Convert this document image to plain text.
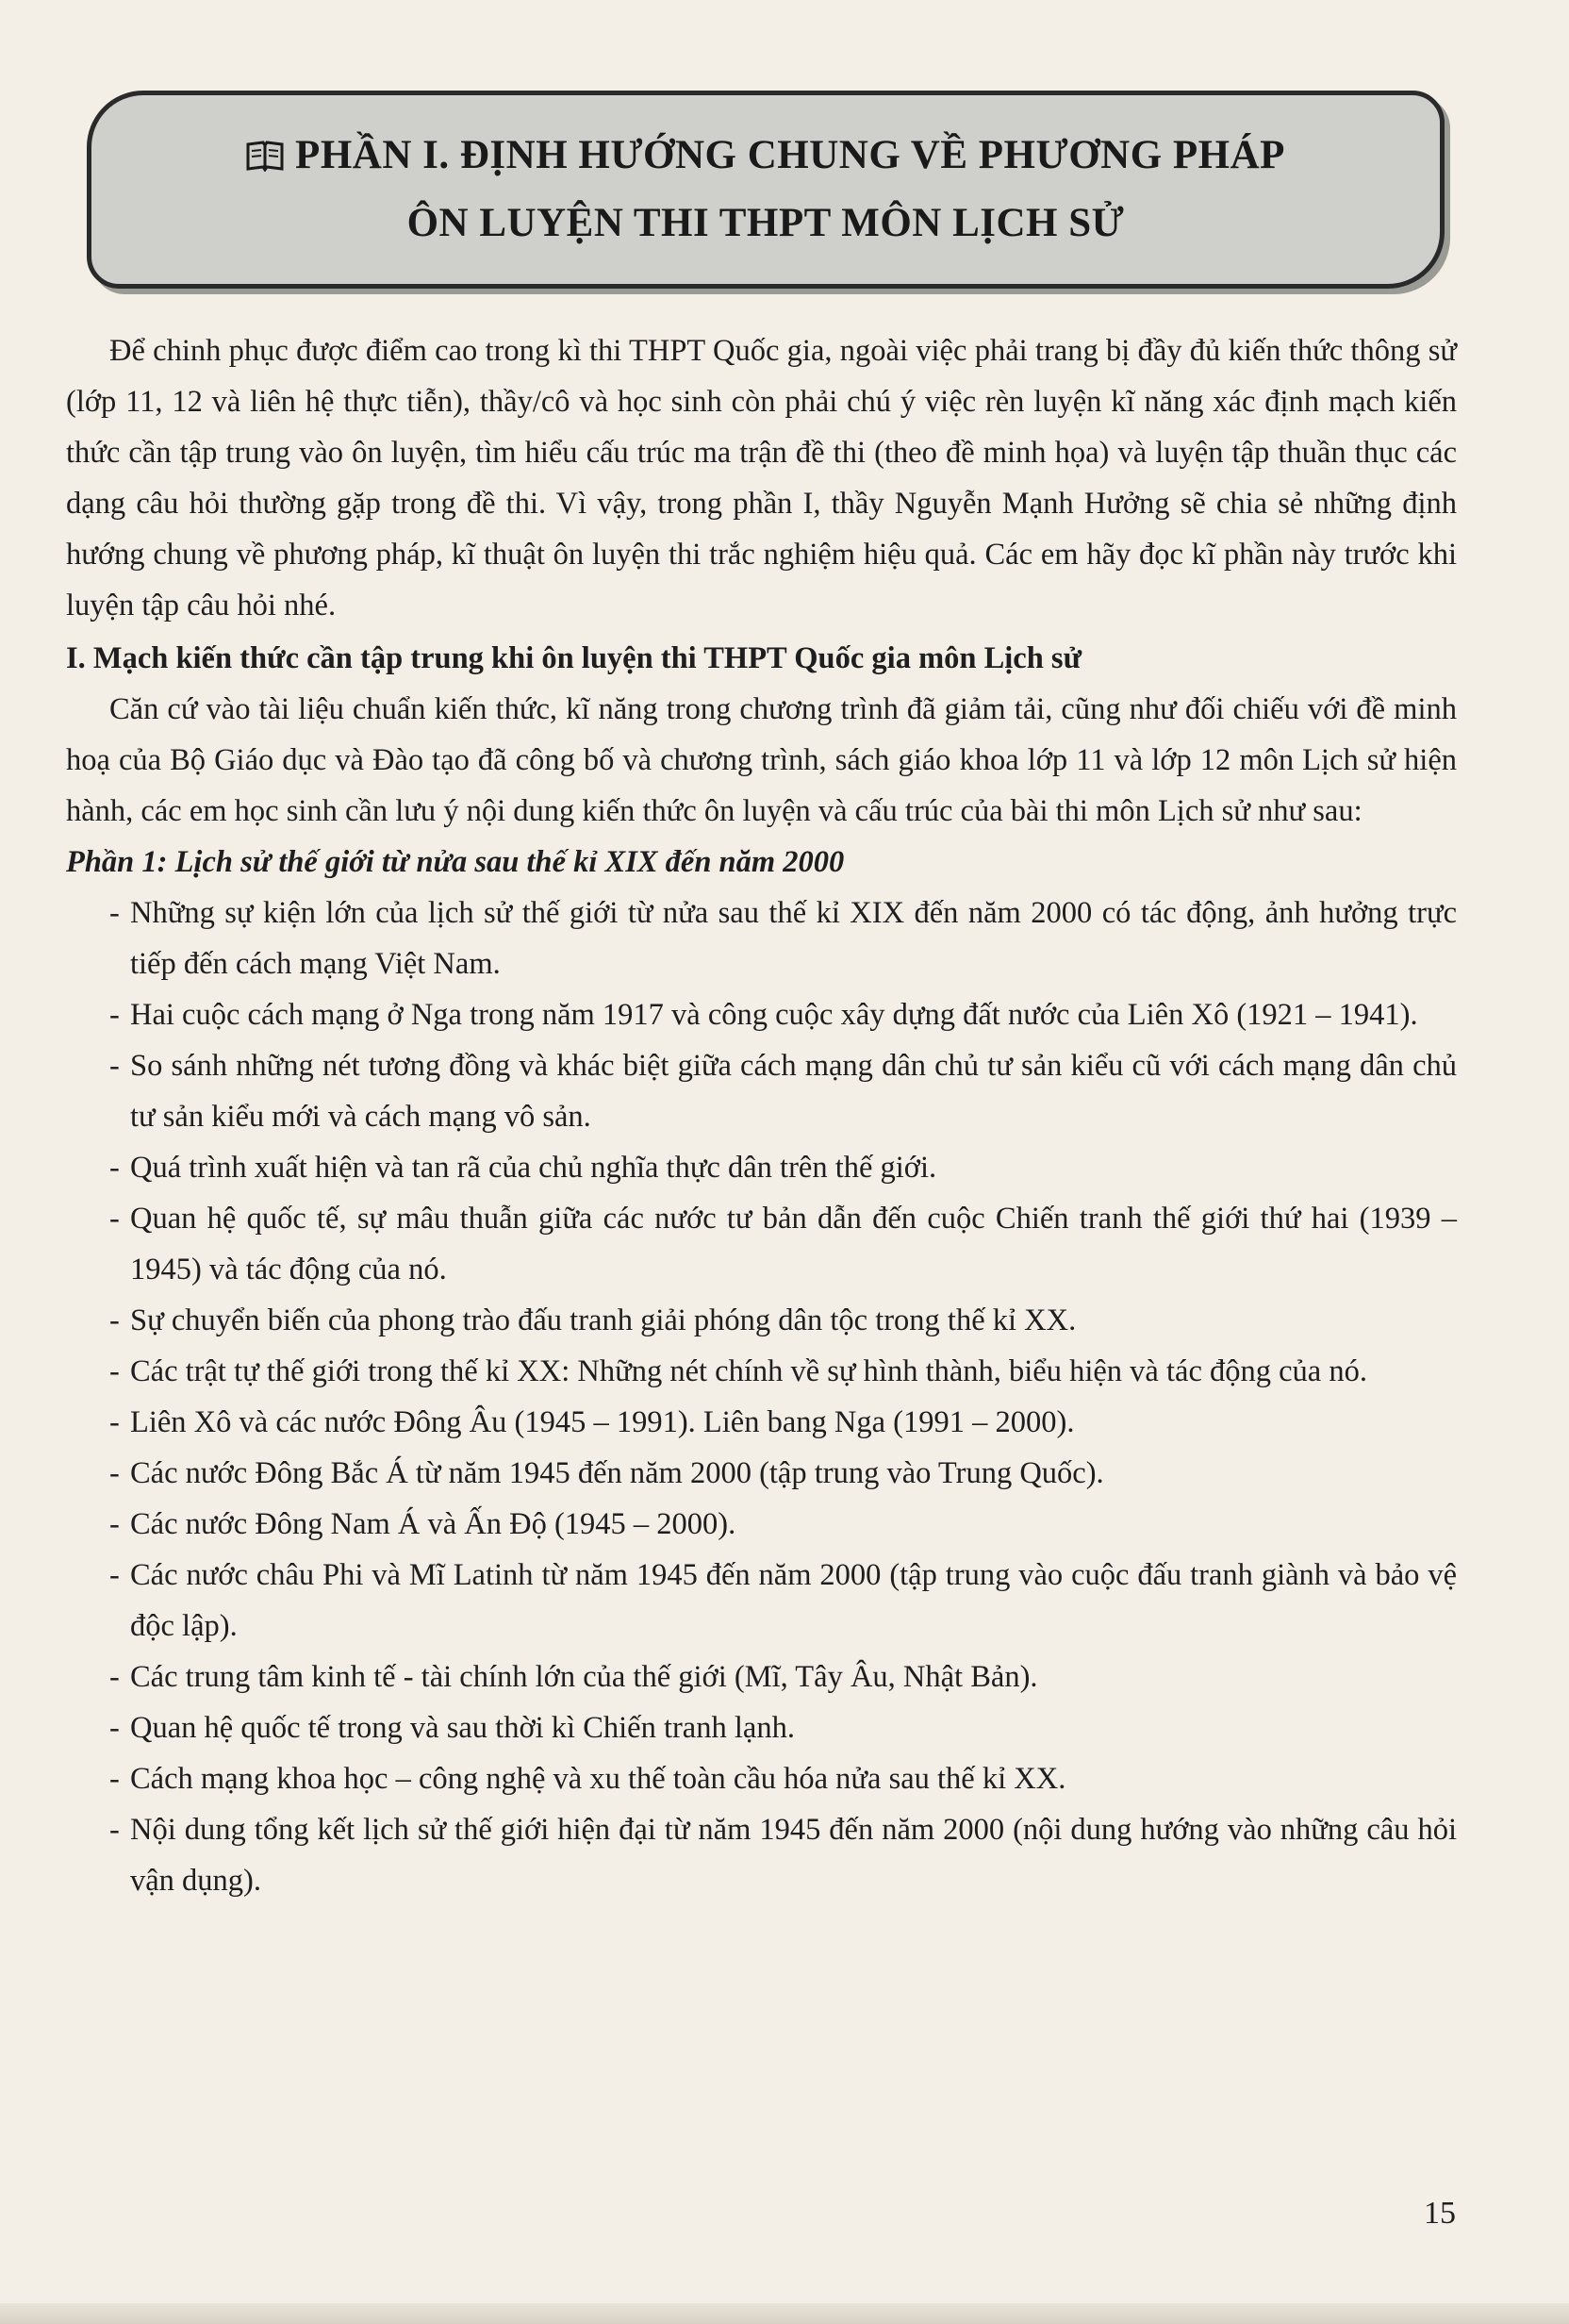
PHẦN I. ĐỊNH HƯỚNG CHUNG VỀ PHƯƠNG PHÁP
ÔN LUYỆN THI THPT MÔN LỊCH SỬ

Để chinh phục được điểm cao trong kì thi THPT Quốc gia, ngoài việc phải trang bị đầy đủ kiến thức thông sử (lớp 11, 12 và liên hệ thực tiễn), thầy/cô và học sinh còn phải chú ý việc rèn luyện kĩ năng xác định mạch kiến thức cần tập trung vào ôn luyện, tìm hiểu cấu trúc ma trận đề thi (theo đề minh họa) và luyện tập thuần thục các dạng câu hỏi thường gặp trong đề thi. Vì vậy, trong phần I, thầy Nguyễn Mạnh Hưởng sẽ chia sẻ những định hướng chung về phương pháp, kĩ thuật ôn luyện thi trắc nghiệm hiệu quả. Các em hãy đọc kĩ phần này trước khi luyện tập câu hỏi nhé.

I. Mạch kiến thức cần tập trung khi ôn luyện thi THPT Quốc gia môn Lịch sử

Căn cứ vào tài liệu chuẩn kiến thức, kĩ năng trong chương trình đã giảm tải, cũng như đối chiếu với đề minh hoạ của Bộ Giáo dục và Đào tạo đã công bố và chương trình, sách giáo khoa lớp 11 và lớp 12 môn Lịch sử hiện hành, các em học sinh cần lưu ý nội dung kiến thức ôn luyện và cấu trúc của bài thi môn Lịch sử như sau:

Phần 1: Lịch sử thế giới từ nửa sau thế kỉ XIX đến năm 2000

- Những sự kiện lớn của lịch sử thế giới từ nửa sau thế kỉ XIX đến năm 2000 có tác động, ảnh hưởng trực tiếp đến cách mạng Việt Nam.
- Hai cuộc cách mạng ở Nga trong năm 1917 và công cuộc xây dựng đất nước của Liên Xô (1921 – 1941).
- So sánh những nét tương đồng và khác biệt giữa cách mạng dân chủ tư sản kiểu cũ với cách mạng dân chủ tư sản kiểu mới và cách mạng vô sản.
- Quá trình xuất hiện và tan rã của chủ nghĩa thực dân trên thế giới.
- Quan hệ quốc tế, sự mâu thuẫn giữa các nước tư bản dẫn đến cuộc Chiến tranh thế giới thứ hai (1939 – 1945) và tác động của nó.
- Sự chuyển biến của phong trào đấu tranh giải phóng dân tộc trong thế kỉ XX.
- Các trật tự thế giới trong thế kỉ XX: Những nét chính về sự hình thành, biểu hiện và tác động của nó.
- Liên Xô và các nước Đông Âu (1945 – 1991). Liên bang Nga (1991 – 2000).
- Các nước Đông Bắc Á từ năm 1945 đến năm 2000 (tập trung vào Trung Quốc).
- Các nước Đông Nam Á và Ấn Độ (1945 – 2000).
- Các nước châu Phi và Mĩ Latinh từ năm 1945 đến năm 2000 (tập trung vào cuộc đấu tranh giành và bảo vệ độc lập).
- Các trung tâm kinh tế - tài chính lớn của thế giới (Mĩ, Tây Âu, Nhật Bản).
- Quan hệ quốc tế trong và sau thời kì Chiến tranh lạnh.
- Cách mạng khoa học – công nghệ và xu thế toàn cầu hóa nửa sau thế kỉ XX.
- Nội dung tổng kết lịch sử thế giới hiện đại từ năm 1945 đến năm 2000 (nội dung hướng vào những câu hỏi vận dụng).
15
